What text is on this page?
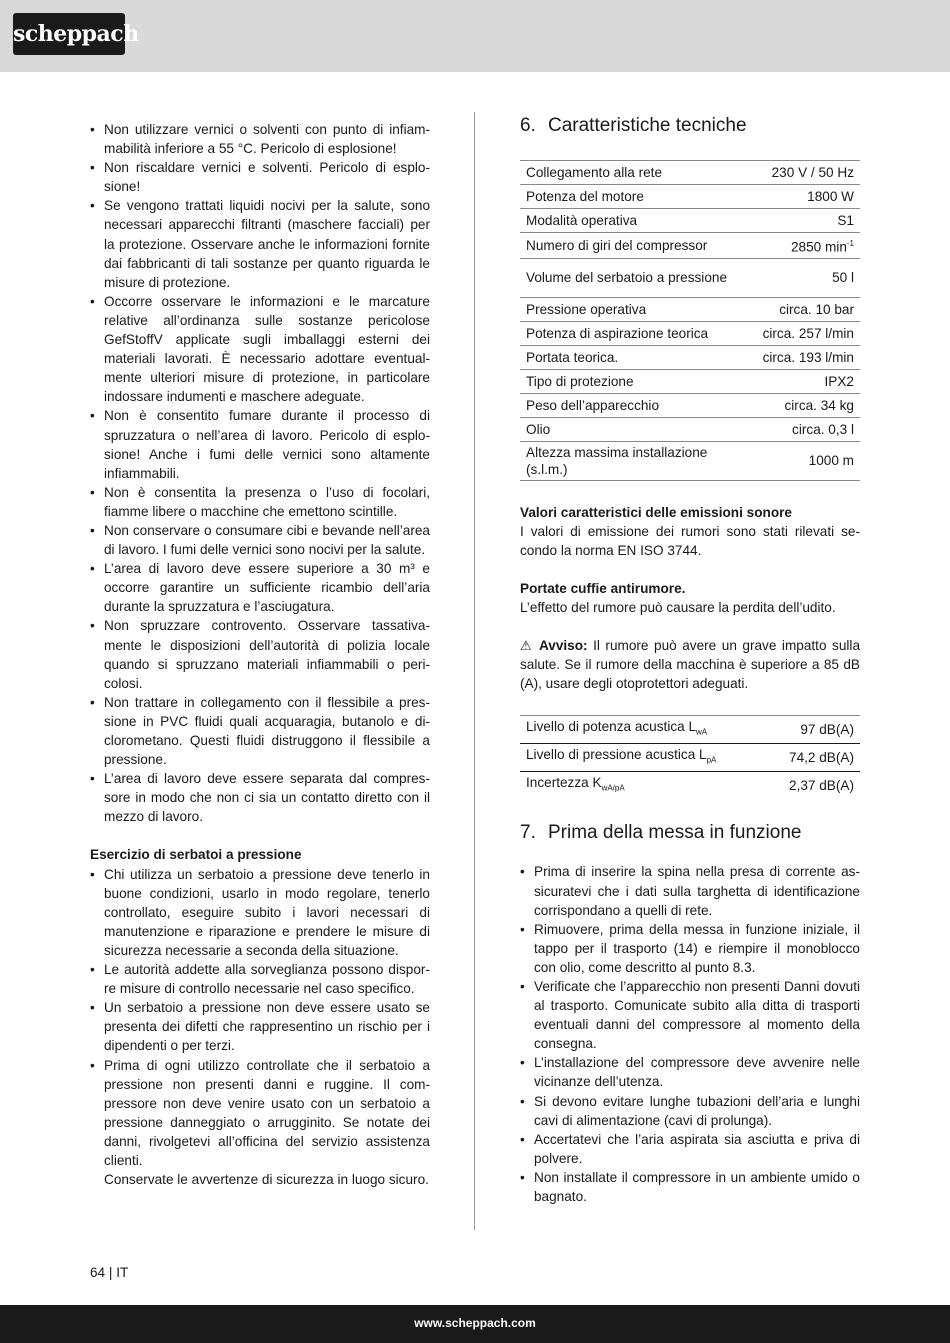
scheppach
• Non utilizzare vernici o solventi con punto di infiammabilità inferiore a 55 °C. Pericolo di esplosione!
• Non riscaldare vernici e solventi. Pericolo di esplosione!
• Se vengono trattati liquidi nocivi per la salute, sono necessari apparecchi filtranti (maschere facciali) per la protezione. Osservare anche le informazioni fornite dai fabbricanti di tali sostanze per quanto riguarda le misure di protezione.
• Occorre osservare le informazioni e le marcature relative all’ordinanza sulle sostanze pericolose GefStoffV applicate sugli imballaggi esterni dei materiali lavorati. È necessario adottare eventualmente ulteriori misure di protezione, in particolare indossare indumenti e maschere adeguate.
• Non è consentito fumare durante il processo di spruzzatura o nell’area di lavoro. Pericolo di esplosione! Anche i fumi delle vernici sono altamente infiammabili.
• Non è consentita la presenza o l’uso di focolari, fiamme libere o macchine che emettono scintille.
• Non conservare o consumare cibi e bevande nell’area di lavoro. I fumi delle vernici sono nocivi per la salute.
• L’area di lavoro deve essere superiore a 30 m³ e occorre garantire un sufficiente ricambio dell’aria durante la spruzzatura e l’asciugatura.
• Non spruzzare controvento. Osservare tassativamente le disposizioni dell’autorità di polizia locale quando si spruzzano materiali infiammabili o pericolosi.
• Non trattare in collegamento con il flessibile a pressione in PVC fluidi quali acquaragia, butanolo e diclorometano. Questi fluidi distruggono il flessibile a pressione.
• L’area di lavoro deve essere separata dal compressore in modo che non ci sia un contatto diretto con il mezzo di lavoro.

Esercizio di serbatoi a pressione

• Chi utilizza un serbatoio a pressione deve tenerlo in buone condizioni, usarlo in modo regolare, tenerlo controllato, eseguire subito i lavori necessari di manutenzione e riparazione e prendere le misure di sicurezza necessarie a seconda della situazione.
• Le autorità addette alla sorveglianza possono disporre misure di controllo necessarie nel caso specifico.
• Un serbatoio a pressione non deve essere usato se presenta dei difetti che rappresentino un rischio per i dipendenti o per terzi.
• Prima di ogni utilizzo controllate che il serbatoio a pressione non presenti danni e ruggine. Il compressore non deve venire usato con un serbatoio a pressione danneggiato o arrugginito. Se notate dei danni, rivolgetevi all’officina del servizio assistenza clienti.

Conservate le avvertenze di sicurezza in luogo sicuro.

6. Caratteristiche tecniche
Collegamento alla rete	230 V / 50 Hz
Potenza del motore	1800 W
Modalità operativa	S1
Numero di giri del compressor	2850 $\min^{-1}$
Volume del serbatoio a pressione	50 l
Pressione operativa	circa. 10 bar
Potenza di aspirazione teorica	circa. 257 l/min
Portata teorica.	circa. 193 l/min
Tipo di protezione	IPX2
Peso dell’apparecchio	circa. 34 kg
Olio	circa. 0,3 l
Altezza massima installazione (s.l.m.)	1000 m

Valori caratteristici delle emissioni sonore

I valori di emissione dei rumori sono stati rilevati secondo la norma EN ISO 3744.

Portate cuffie antirumore.

L’effetto del rumore può causare la perdita dell’udito.

⚠ Avviso: Il rumore può avere un grave impatto sulla salute. Se il rumore della macchina è superiore a 85 dB (A), usare degli otoprotettori adeguati.

Livello di potenza acustica $L_{wA}$	97 dB(A)
Livello di pressione acustica $L_{pA}$	74,2 dB(A)
Incertezza $K_{wA/pA}$	2,37 dB(A)
7. Prima della messa in funzione
• Prima di inserire la spina nella presa di corrente assicuratevi che i dati sulla targhetta di identificazione corrispondano a quelli di rete.
• Rimuovere, prima della messa in funzione iniziale, il tappo per il trasporto (14) e riempire il monoblocco con olio, come descritto al punto 8.3.
• Verificate che l’apparecchio non presenti Danni dovuti al trasporto. Comunicate subito alla ditta di trasporti eventuali danni del compressore al momento della consegna.
• L’installazione del compressore deve avvenire nelle vicinanze dell’utenza.
• Si devono evitare lunghe tubazioni dell’aria e lunghi cavi di alimentazione (cavi di prolunga).
• Accertatevi che l’aria aspirata sia asciutta e priva di polvere.
• Non installate il compressore in un ambiente umido o bagnato.
64 | IT
www.scheppach.com
